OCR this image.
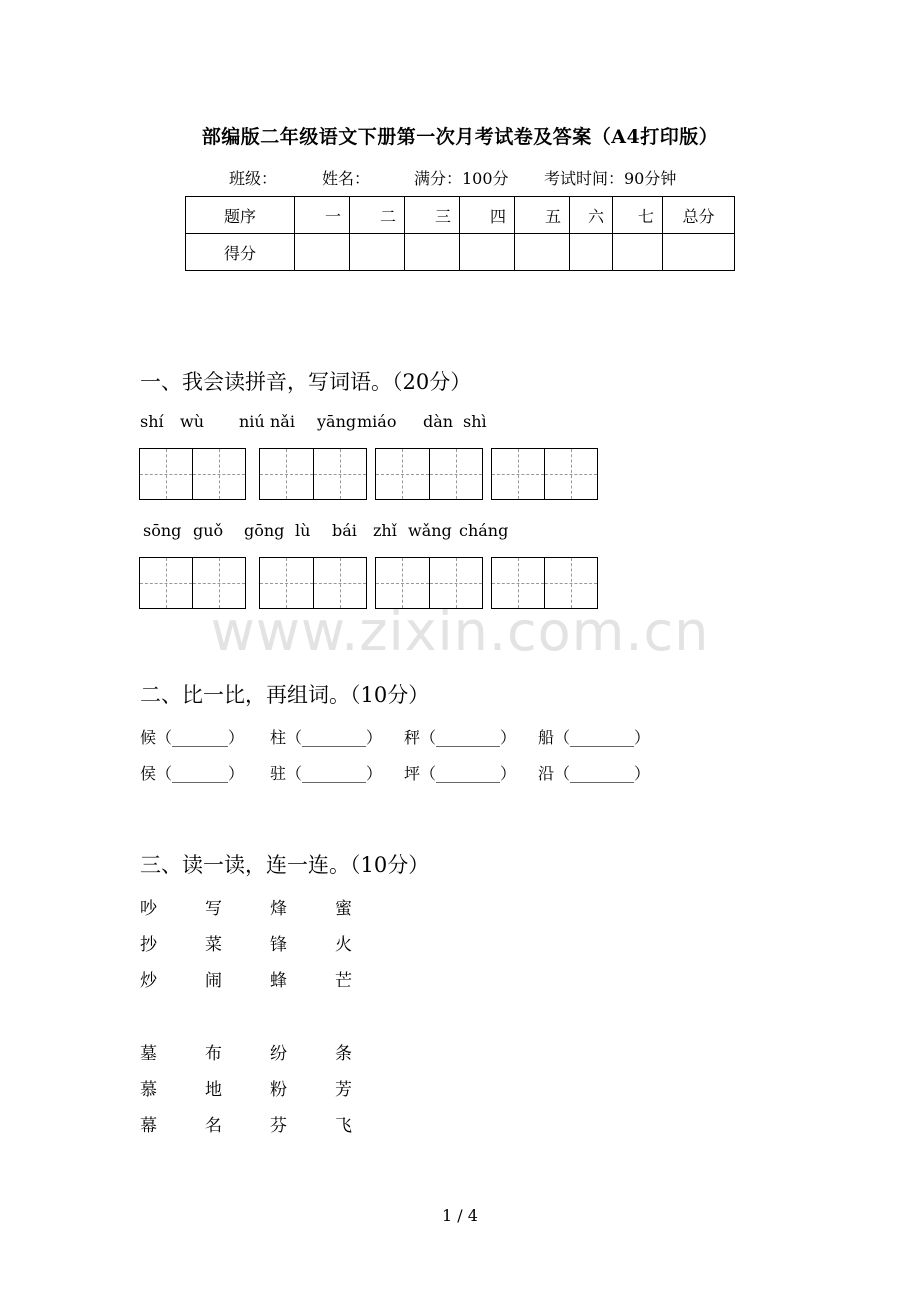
www.zixin.com.cn
部编版二年级语文下册第一次月考试卷及答案（A4打印版）
班级：	姓名：	满分：100分 考试时间：90分钟
题序	一	二	三	四	五	六	七	总分
得分								
一、我会读拼音，写词语。（20分）
shí wù niú nǎi yāng miáo dàn shì
sōng guǒ gōng lù bái zhǐ wǎng cháng
二、比一比，再组词。（10分）
候（_______） 柱（________） 秤（________） 船（________）
侯（_______） 驻（________） 坪（________） 沿（________）
三、读一读，连一连。（10分）
吵	写	烽	蜜
抄	菜	锋	火
炒	闹	蜂	芒
墓	布	纷	条
慕	地	粉	芳
幕	名	芬	飞
1 / 4
